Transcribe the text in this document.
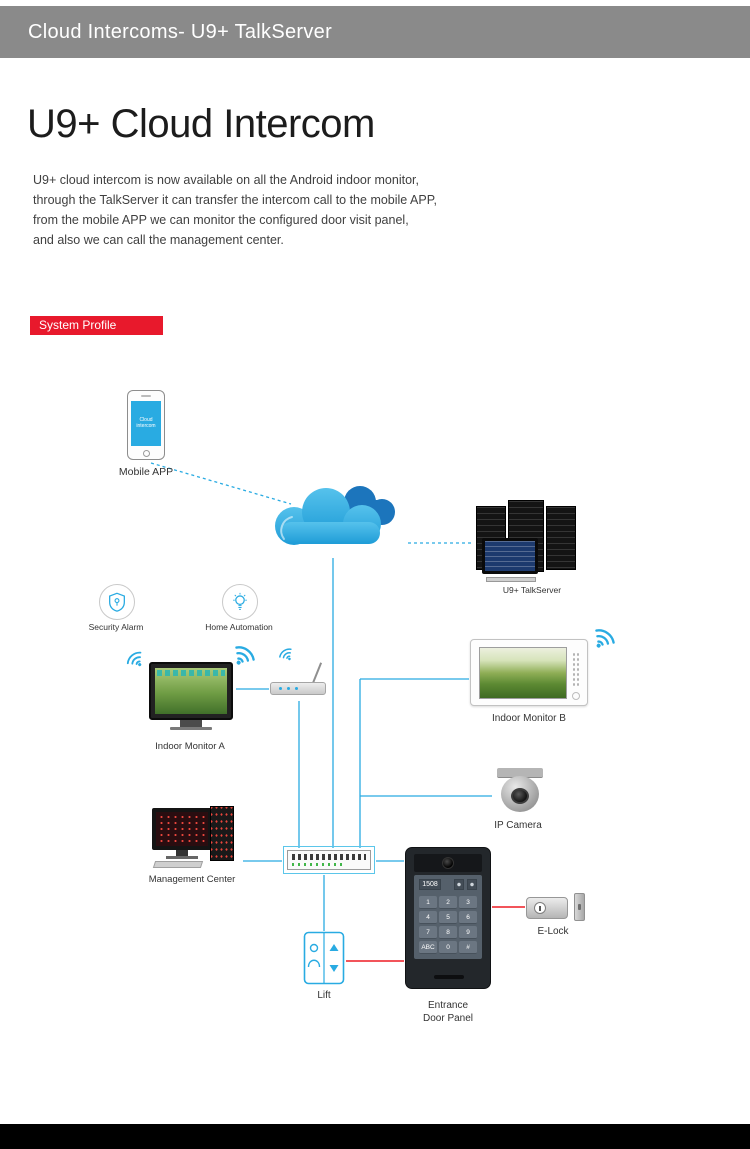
Cloud Intercoms- U9+ TalkServer
U9+ Cloud Intercom
U9+ cloud intercom is now available on all the Android indoor monitor,
through the TalkServer it can transfer the intercom call to the mobile APP,
from the mobile APP we can monitor the configured door visit panel,
and also we can call the management center.
System Profile
Cloud intercom
Mobile APP
Cloud
Internet
U9+ TalkServer
Security Alarm	Home Automation
Indoor Monitor A
Indoor Monitor B
IP Camera
Management Center
Lift
1508
1	2	3
4	5	6
7	8	9
ABC	0	#
Entrance
Door Panel
E-Lock
